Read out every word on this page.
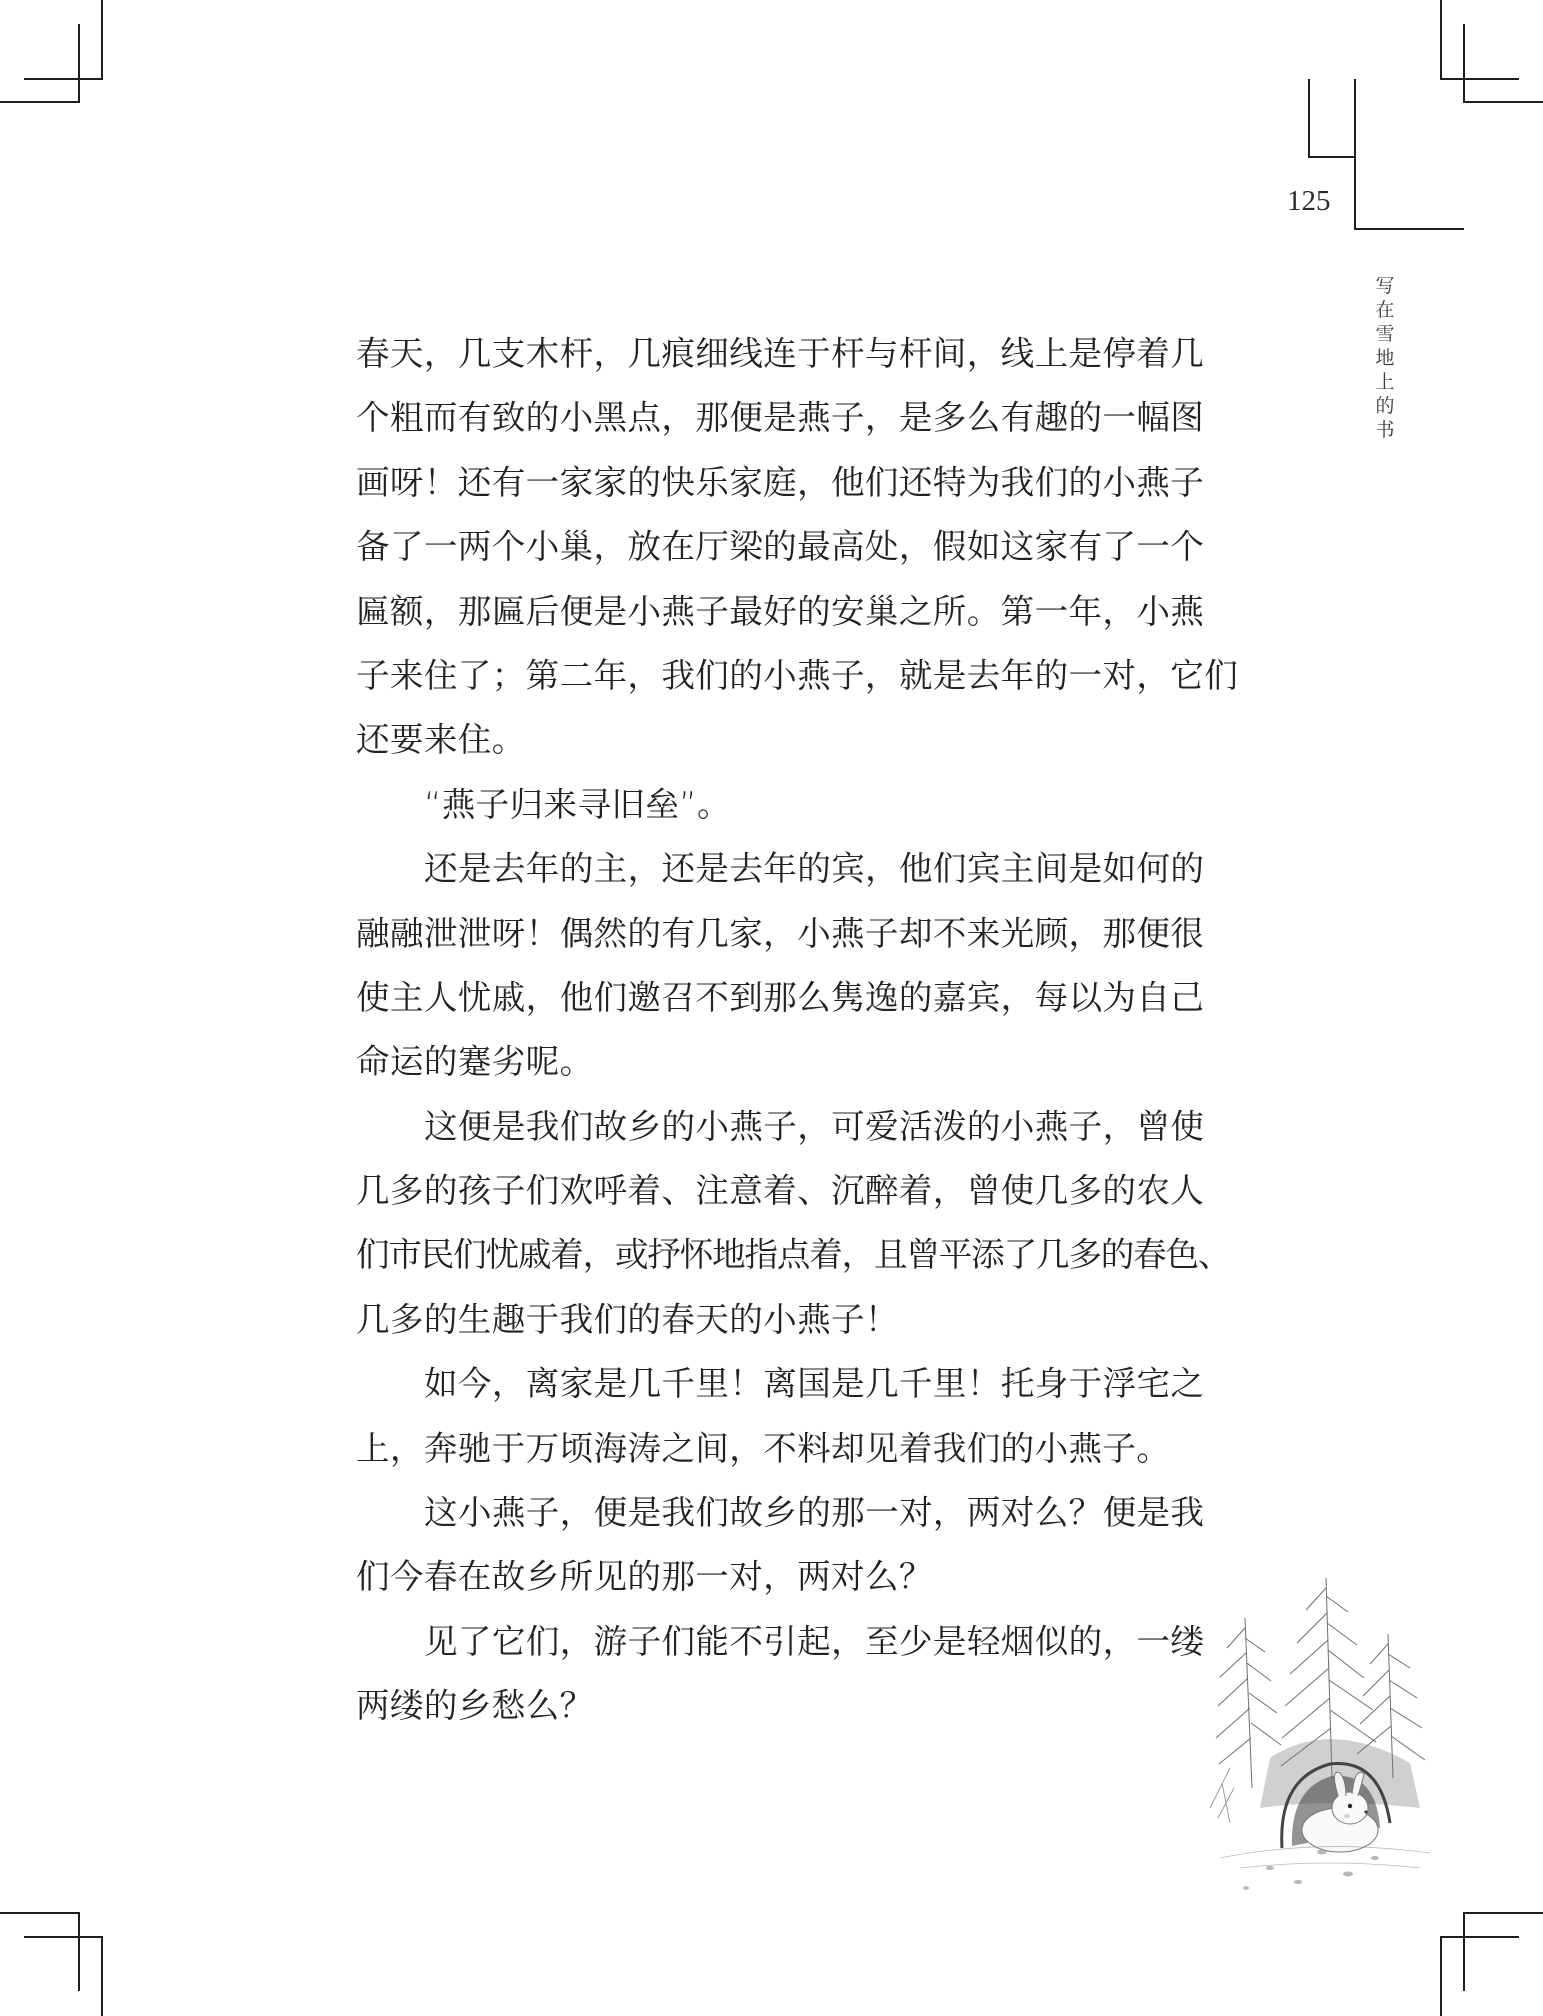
125
写
在
雪
地
上
的
书
春天，几支木杆，几痕细线连于杆与杆间，线上是停着几
个粗而有致的小黑点，那便是燕子，是多么有趣的一幅图
画呀！还有一家家的快乐家庭，他们还特为我们的小燕子
备了一两个小巢，放在厅梁的最高处，假如这家有了一个
匾额，那匾后便是小燕子最好的安巢之所。第一年，小燕
子来住了；第二年，我们的小燕子，就是去年的一对，它们
还要来住。
“燕子归来寻旧垒”。
还是去年的主，还是去年的宾，他们宾主间是如何的
融融泄泄呀！偶然的有几家，小燕子却不来光顾，那便很
使主人忧戚，他们邀召不到那么隽逸的嘉宾，每以为自己
命运的蹇劣呢。
这便是我们故乡的小燕子，可爱活泼的小燕子，曾使
几多的孩子们欢呼着、注意着、沉醉着，曾使几多的农人
们市民们忧戚着，或抒怀地指点着，且曾平添了几多的春色、
几多的生趣于我们的春天的小燕子！
如今，离家是几千里！离国是几千里！托身于浮宅之
上，奔驰于万顷海涛之间，不料却见着我们的小燕子。
这小燕子，便是我们故乡的那一对，两对么？便是我
们今春在故乡所见的那一对，两对么？
见了它们，游子们能不引起，至少是轻烟似的，一缕
两缕的乡愁么？
